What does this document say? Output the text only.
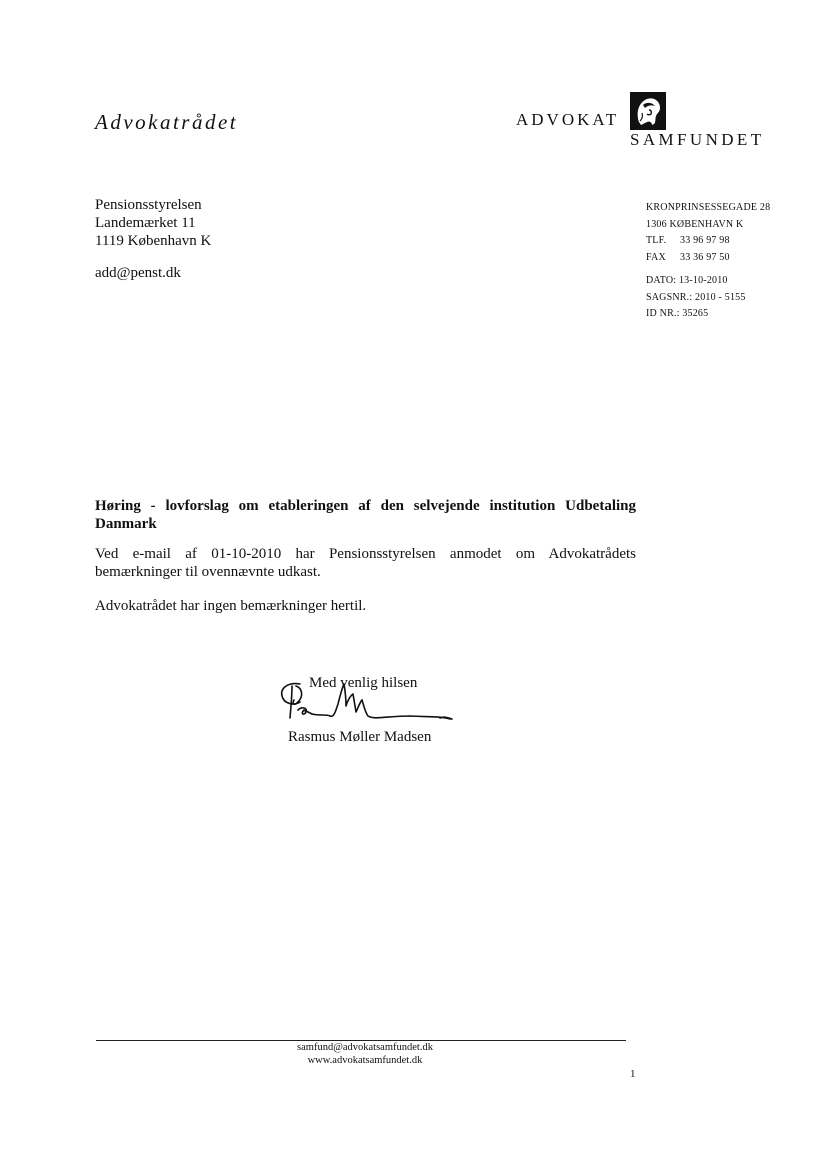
Advokatrådet	ADVOKAT
SAMFUNDET
Pensionsstyrelsen
Landemærket 11
1119 København K
add@penst.dk
KRONPRINSESSEGADE 28
1306 KØBENHAVN K
TLF. 33 96 97 98
FAX 33 36 97 50
DATO: 13-10-2010
SAGSNR.: 2010 - 5155
ID NR.: 35265

Høring - lovforslag om etableringen af den selvejende institution Udbetaling Danmark

Ved e-mail af 01-10-2010 har Pensionsstyrelsen anmodet om Advokatrådets bemærkninger til ovennævnte udkast.

Advokatrådet har ingen bemærkninger hertil.

Med venlig hilsen
Rasmus Møller Madsen
samfund@advokatsamfundet.dk
www.advokatsamfundet.dk
1
